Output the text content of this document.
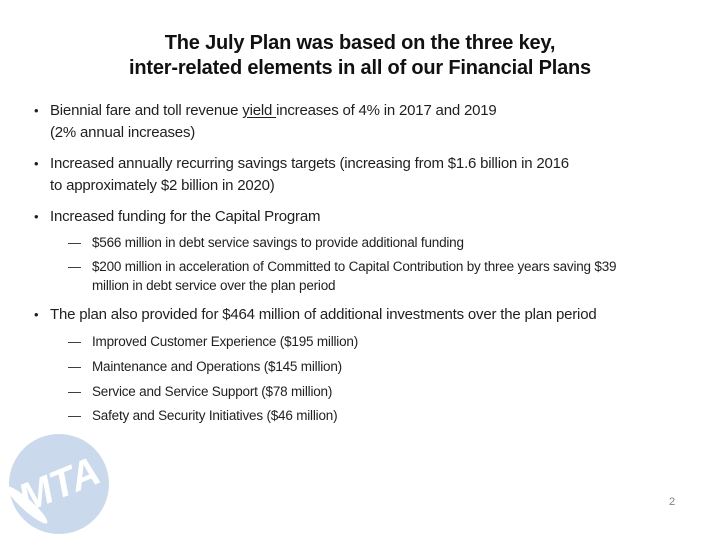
The July Plan was based on the three key,
inter-related elements in all of our Financial Plans
• Biennial fare and toll revenue yield increases of 4% in 2017 and 2019
(2% annual increases)
• Increased annually recurring savings targets (increasing from $1.6 billion in 2016
to approximately $2 billion in 2020)
• Increased funding for the Capital Program
— $566 million in debt service savings to provide additional funding
— $200 million in acceleration of Committed to Capital Contribution by three years saving $39
million in debt service over the plan period
• The plan also provided for $464 million of additional investments over the plan period
— Improved Customer Experience ($195 million)
— Maintenance and Operations ($145 million)
— Service and Service Support ($78 million)
— Safety and Security Initiatives ($46 million)
MTA	2
